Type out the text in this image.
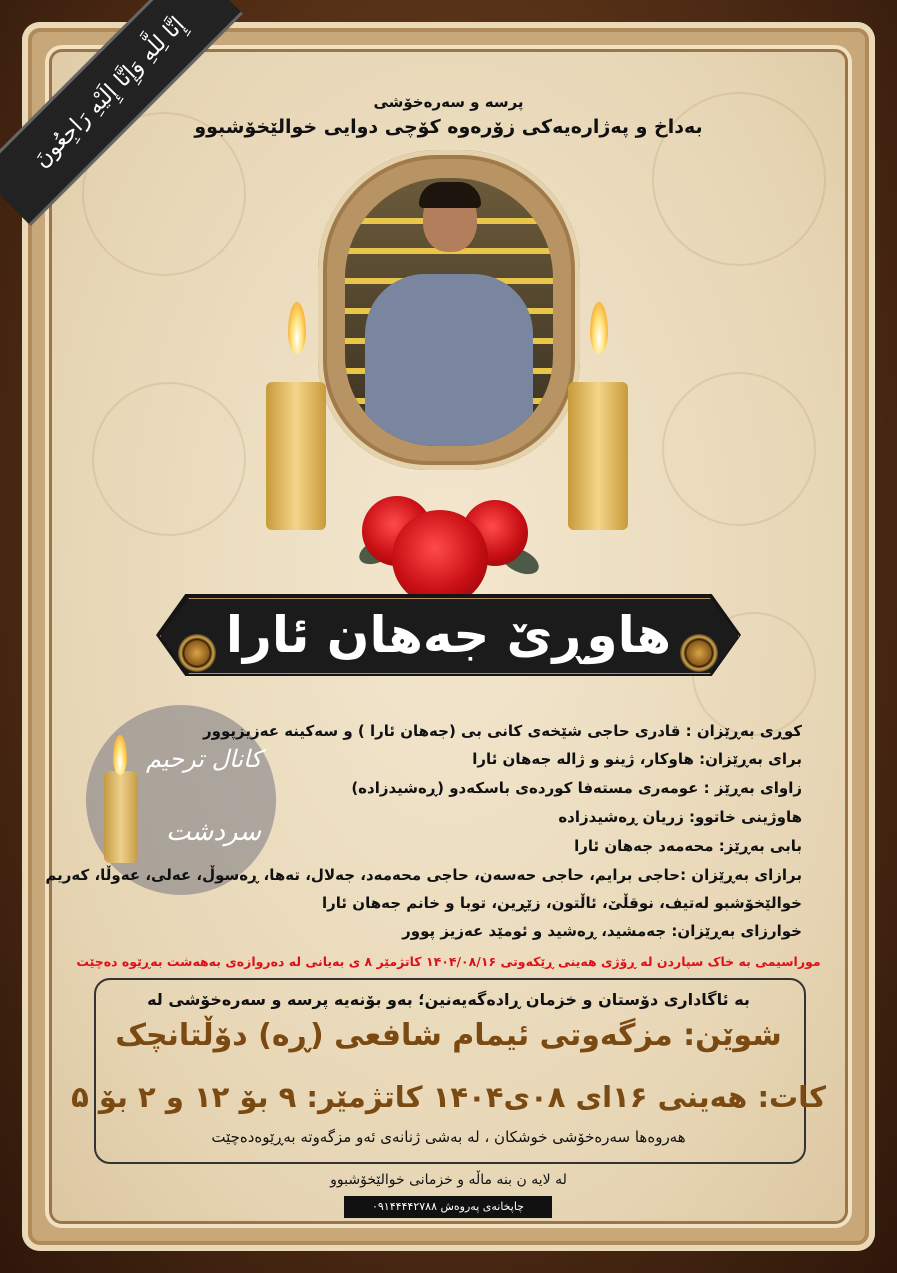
إِنَّا لِلَّهِ وَإِنَّا إِلَيْهِ رَاجِعُونَ	پرسە و سەرەخۆشی
بەداخ و پەژارەیەکی زۆرەوە کۆچی دوایی خوالێخۆشبوو
هاوڕێ جەهان ئارا
کانال ترحیم
سردشت
کوڕی بەڕێزان : قادری حاجی شێخەی کانی بی (جەهان ئارا ) و سەکینە عەزیزپوور
برای بەڕێزان: هاوکار، ژینو و ژالە جەهان ئارا
زاوای بەڕێز : عومەری مستەفا کوردەی باسکەدو (ڕەشیدزادە)
هاوژینی خاتوو: زریان ڕەشیدزادە
بابی بەڕێز: محەمەد جەهان ئارا
برازای بەڕێزان :حاجی برایم، حاجی حەسەن، حاجی محەمەد، جەلال، تەها، ڕەسوڵ، عەلی، عەوڵا، کەریم
خوالێخۆشبو لەتیف، نوقڵێ، ئاڵتون، زێڕین، توبا و خانم جەهان ئارا
خوارزای بەڕێزان: جەمشید، ڕەشید و ئومێد عەزیز پوور
موراسیمی بە خاک سپاردن لە ڕۆژی هەینی ڕێکەوتی ۱۴۰۴/۰۸/۱۶ کاتژمێر ۸ ی بەیانی لە دەروازەی بەهەشت بەڕێوە دەچێت
بە ئاگاداری دۆستان و خزمان ڕادەگەیەنین؛ بەو بۆنەیە پرسە و سەرەخۆشی لە
شوێن: مزگەوتی ئیمام شافعی (ڕە) دۆڵتانچک
کات: هەینی ۱۶ای ۰۸ی۱۴۰۴ کاتژمێر: ۹ بۆ ۱۲ و ۲ بۆ ۵
هەروەها سەرەخۆشی خوشکان ، لە بەشی ژنانەی ئەو مزگەوتە بەڕێوەدەچێت
لە لایە ن بنە ماڵە و خزمانی خوالێخۆشبوو
چاپخانەی پەروەش ۰۹۱۴۴۴۴۲۷۸۸
